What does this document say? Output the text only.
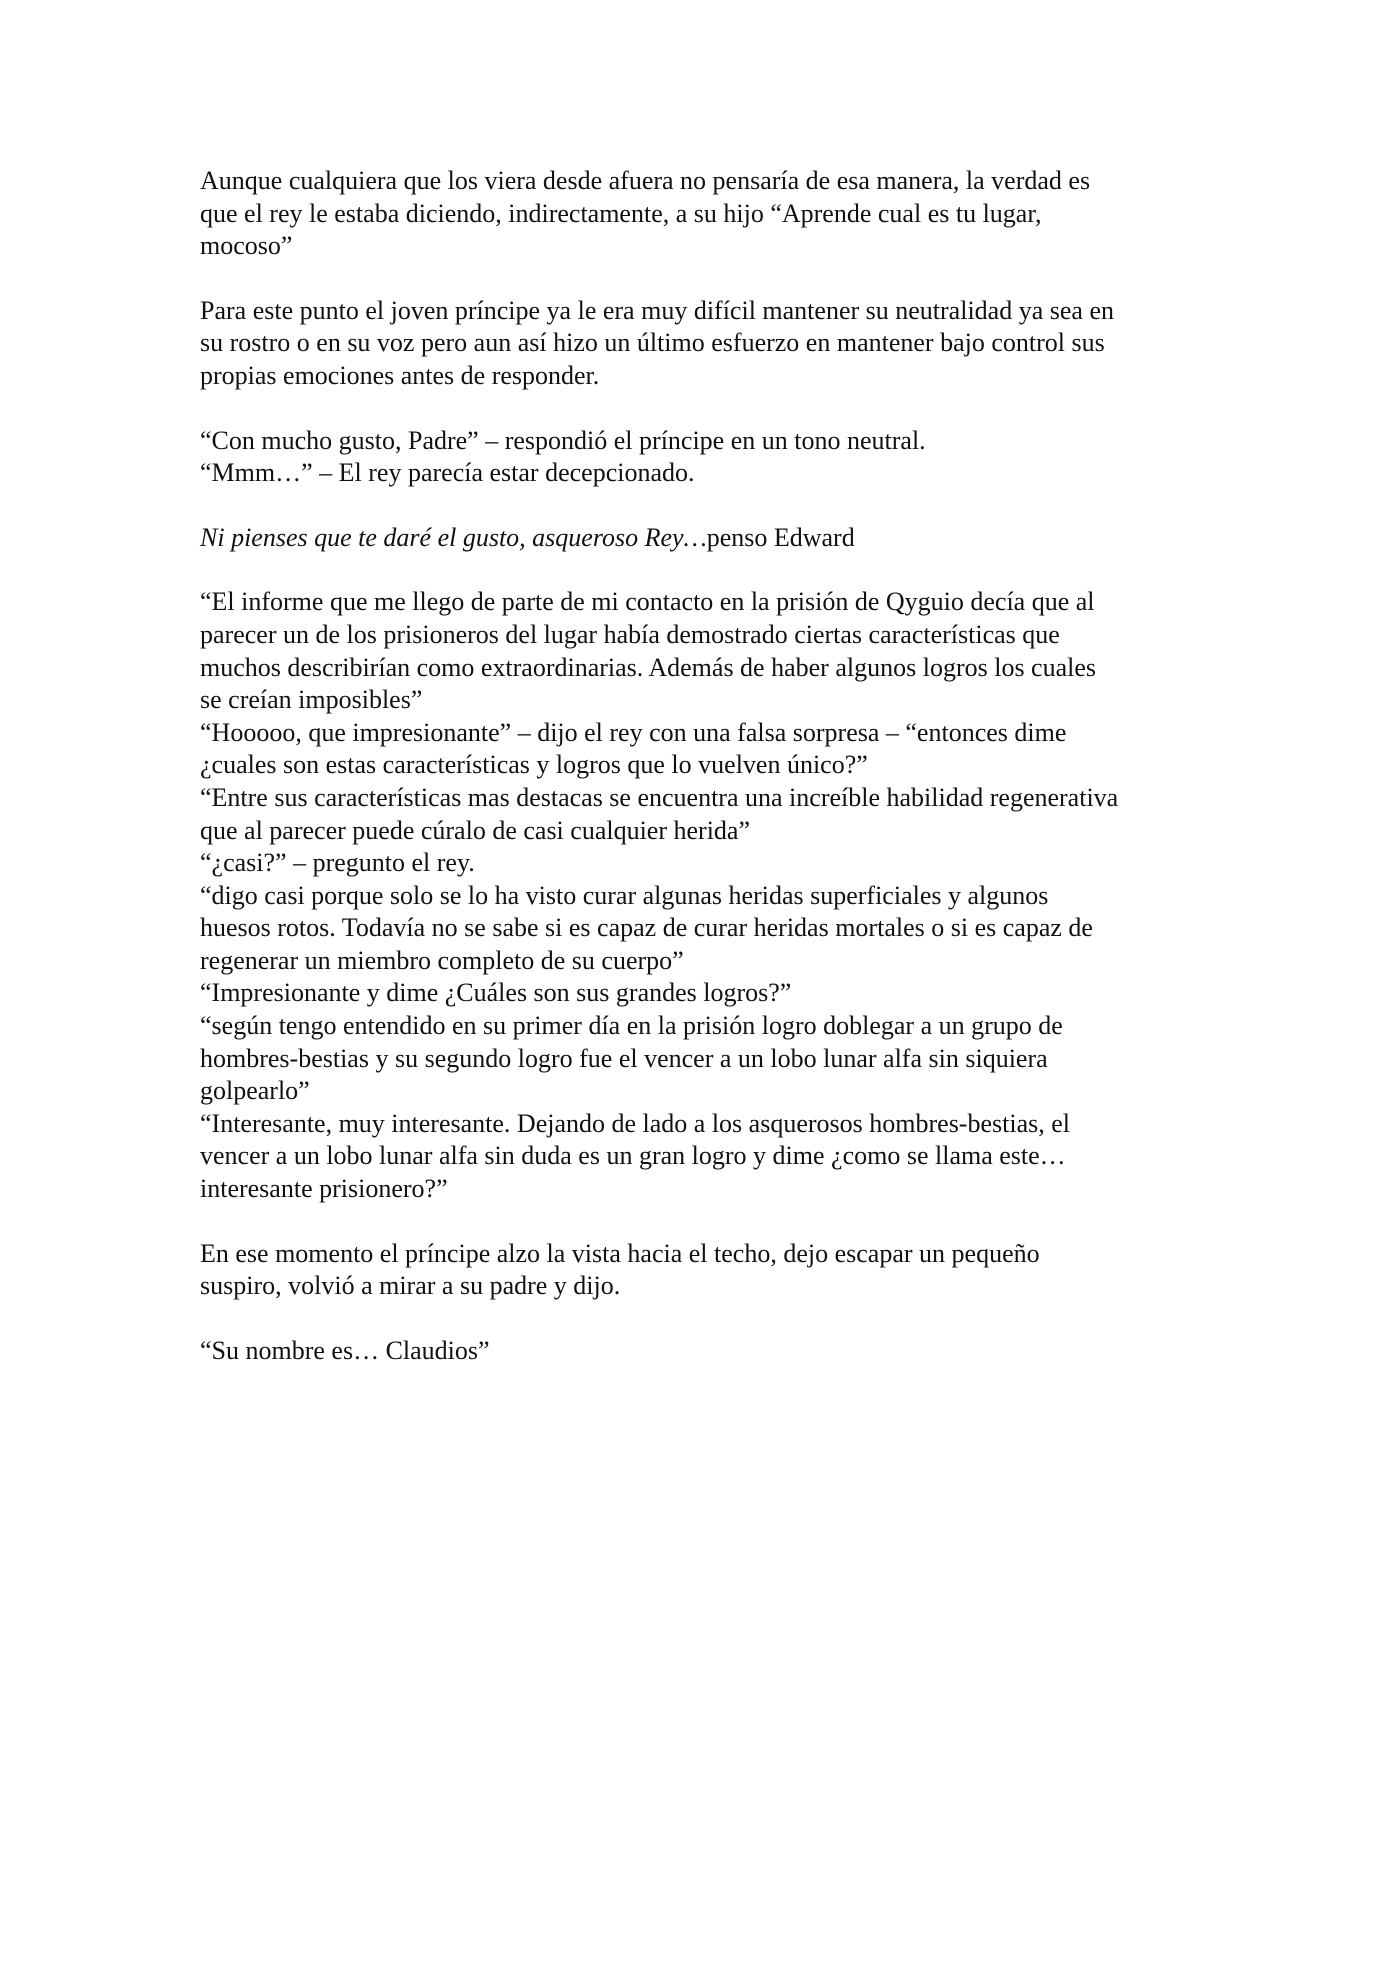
Aunque cualquiera que los viera desde afuera no pensaría de esa manera, la verdad es
que el rey le estaba diciendo, indirectamente, a su hijo “Aprende cual es tu lugar,
mocoso”

Para este punto el joven príncipe ya le era muy difícil mantener su neutralidad ya sea en
su rostro o en su voz pero aun así hizo un último esfuerzo en mantener bajo control sus
propias emociones antes de responder.

“Con mucho gusto, Padre” – respondió el príncipe en un tono neutral.
“Mmm…” – El rey parecía estar decepcionado.

Ni pienses que te daré el gusto, asqueroso Rey…penso Edward

“El informe que me llego de parte de mi contacto en la prisión de Qyguio decía que al
parecer un de los prisioneros del lugar había demostrado ciertas características que
muchos describirían como extraordinarias. Además de haber algunos logros los cuales
se creían imposibles”
“Hooooo, que impresionante” – dijo el rey con una falsa sorpresa – “entonces dime
¿cuales son estas características y logros que lo vuelven único?”
“Entre sus características mas destacas se encuentra una increíble habilidad regenerativa
que al parecer puede cúralo de casi cualquier herida”
“¿casi?” – pregunto el rey.
“digo casi porque solo se lo ha visto curar algunas heridas superficiales y algunos
huesos rotos. Todavía no se sabe si es capaz de curar heridas mortales o si es capaz de
regenerar un miembro completo de su cuerpo”
“Impresionante y dime ¿Cuáles son sus grandes logros?”
“según tengo entendido en su primer día en la prisión logro doblegar a un grupo de
hombres-bestias y su segundo logro fue el vencer a un lobo lunar alfa sin siquiera
golpearlo”
“Interesante, muy interesante. Dejando de lado a los asquerosos hombres-bestias, el
vencer a un lobo lunar alfa sin duda es un gran logro y dime ¿como se llama este…
interesante prisionero?”

En ese momento el príncipe alzo la vista hacia el techo, dejo escapar un pequeño
suspiro, volvió a mirar a su padre y dijo.

“Su nombre es… Claudios”
